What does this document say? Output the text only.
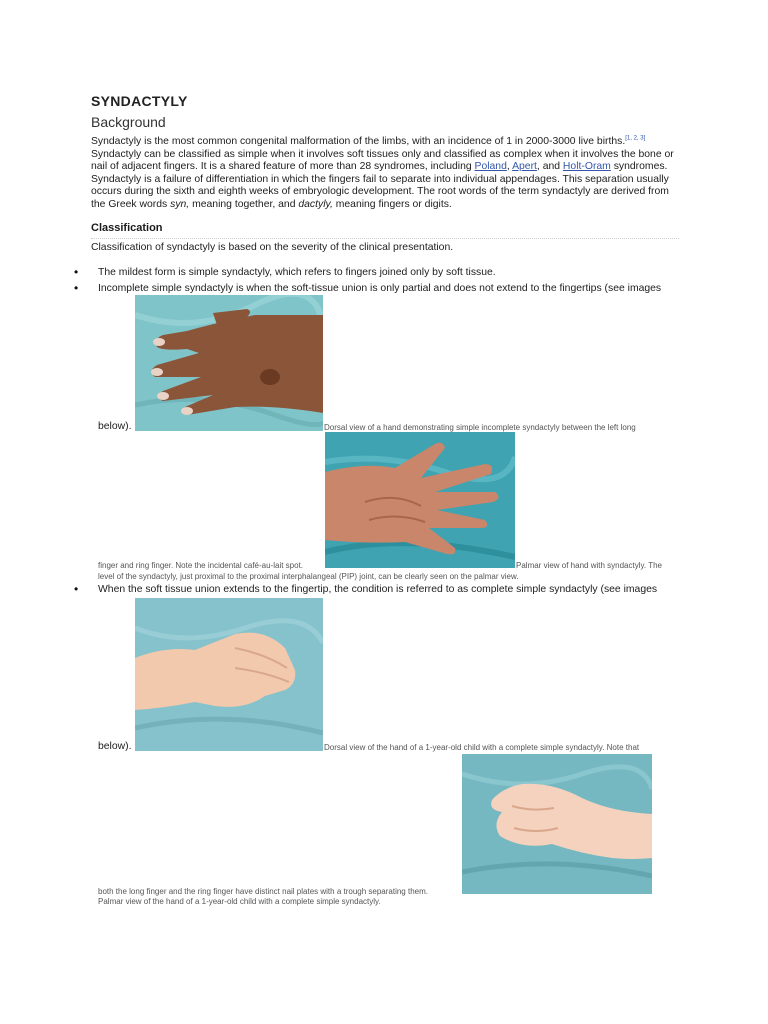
SYNDACTYLY
Background
Syndactyly is the most common congenital malformation of the limbs, with an incidence of 1 in 2000-3000 live births.[1, 2, 3] Syndactyly can be classified as simple when it involves soft tissues only and classified as complex when it involves the bone or nail of adjacent fingers. It is a shared feature of more than 28 syndromes, including Poland, Apert, and Holt-Oram syndromes. Syndactyly is a failure of differentiation in which the fingers fail to separate into individual appendages. This separation usually occurs during the sixth and eighth weeks of embryologic development. The root words of the term syndactyly are derived from the Greek words syn, meaning together, and dactyly, meaning fingers or digits.
Classification
Classification of syndactyly is based on the severity of the clinical presentation.
• The mildest form is simple syndactyly, which refers to fingers joined only by soft tissue.
• Incomplete simple syndactyly is when the soft-tissue union is only partial and does not extend to the fingertips (see images
below).	Dorsal view of a hand demonstrating simple incomplete syndactyly between the left long
finger and ring finger. Note the incidental café-au-lait spot.	Palmar view of hand with syndactyly. The
level of the syndactyly, just proximal to the proximal interphalangeal (PIP) joint, can be clearly seen on the palmar view.
• When the soft tissue union extends to the fingertip, the condition is referred to as complete simple syndactyly (see images
below).	Dorsal view of the hand of a 1-year-old child with a complete simple syndactyly. Note that
both the long finger and the ring finger have distinct nail plates with a trough separating them.
Palmar view of the hand of a 1-year-old child with a complete simple syndactyly.
